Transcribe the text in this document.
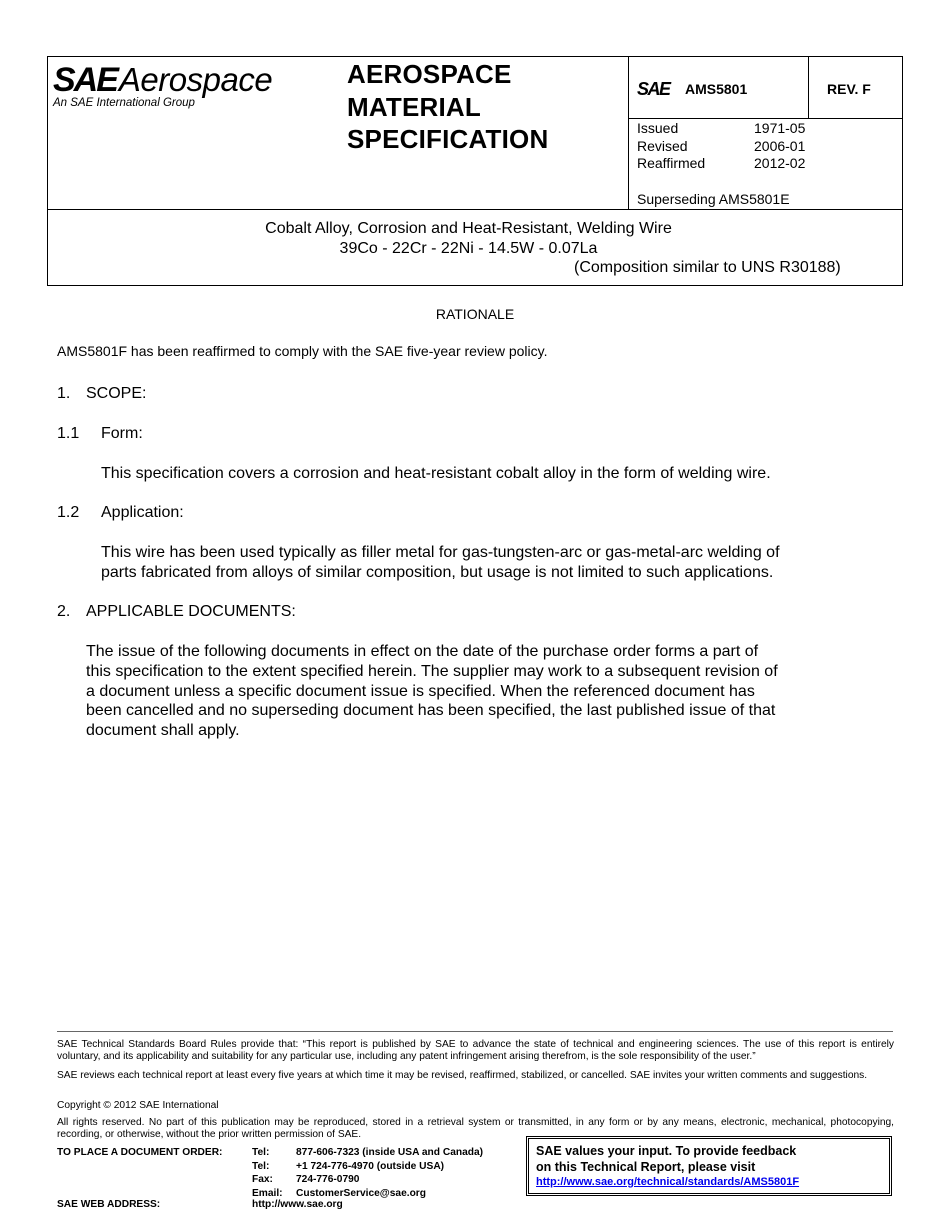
SAE Aerospace
An SAE International Group
AEROSPACE
MATERIAL
SPECIFICATION
SAE AMS5801	REV. F
Issued	1971-05
Revised	2006-01
Reaffirmed	2012-02
Superseding AMS5801E
Cobalt Alloy, Corrosion and Heat-Resistant, Welding Wire
39Co - 22Cr - 22Ni - 14.5W - 0.07La
(Composition similar to UNS R30188)
RATIONALE
AMS5801F has been reaffirmed to comply with the SAE five-year review policy.
1. SCOPE:
1.1 Form:
This specification covers a corrosion and heat-resistant cobalt alloy in the form of welding wire.
1.2 Application:
This wire has been used typically as filler metal for gas-tungsten-arc or gas-metal-arc welding of
parts fabricated from alloys of similar composition, but usage is not limited to such applications.
2. APPLICABLE DOCUMENTS:
The issue of the following documents in effect on the date of the purchase order forms a part of
this specification to the extent specified herein. The supplier may work to a subsequent revision of
a document unless a specific document issue is specified. When the referenced document has
been cancelled and no superseding document has been specified, the last published issue of that
document shall apply.
SAE Technical Standards Board Rules provide that: “This report is published by SAE to advance the state of technical and engineering sciences. The use of this report is entirely voluntary, and its applicability and suitability for any particular use, including any patent infringement arising therefrom, is the sole responsibility of the user.”
SAE reviews each technical report at least every five years at which time it may be revised, reaffirmed, stabilized, or cancelled. SAE invites your written comments and suggestions.
Copyright © 2012 SAE International
All rights reserved. No part of this publication may be reproduced, stored in a retrieval system or transmitted, in any form or by any means, electronic, mechanical, photocopying, recording, or otherwise, without the prior written permission of SAE.
TO PLACE A DOCUMENT ORDER:	Tel:	877-606-7323 (inside USA and Canada)
Tel:	+1 724-776-4970 (outside USA)
Fax: 724-776-0790
Email: CustomerService@sae.org
SAE WEB ADDRESS:	http://www.sae.org
SAE values your input. To provide feedback
on this Technical Report, please visit
http://www.sae.org/technical/standards/AMS5801F
